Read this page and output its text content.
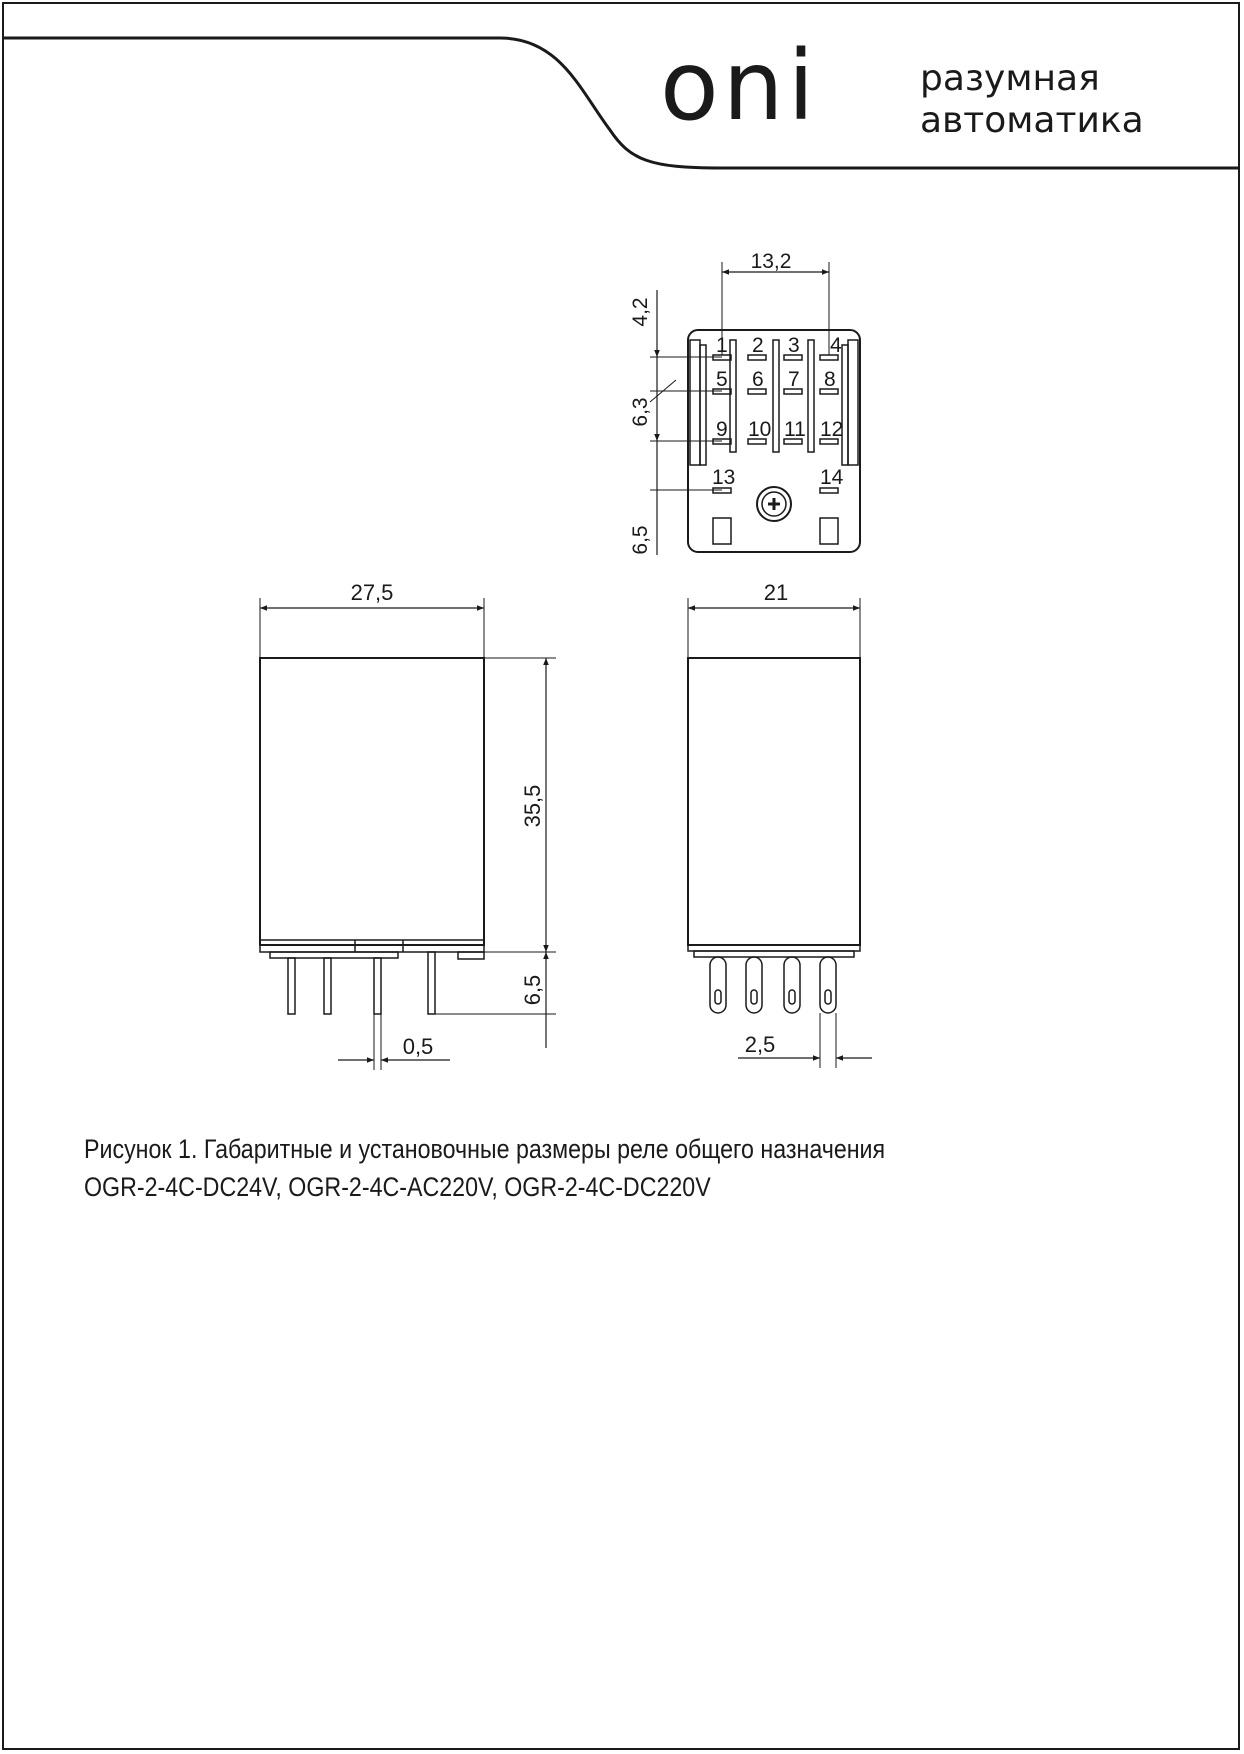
oni	разумная
автоматика
13,2
4,2
6,3
6,5
1 2 3 4
5 6 7 8
9 10 11 12
13	14
27,5
35,5
6,5
0,5
21
2,5
Рисунок 1. Габаритные и установочные размеры реле общего назначения
OGR-2-4C-DC24V, OGR-2-4C-AC220V, OGR-2-4C-DC220V
